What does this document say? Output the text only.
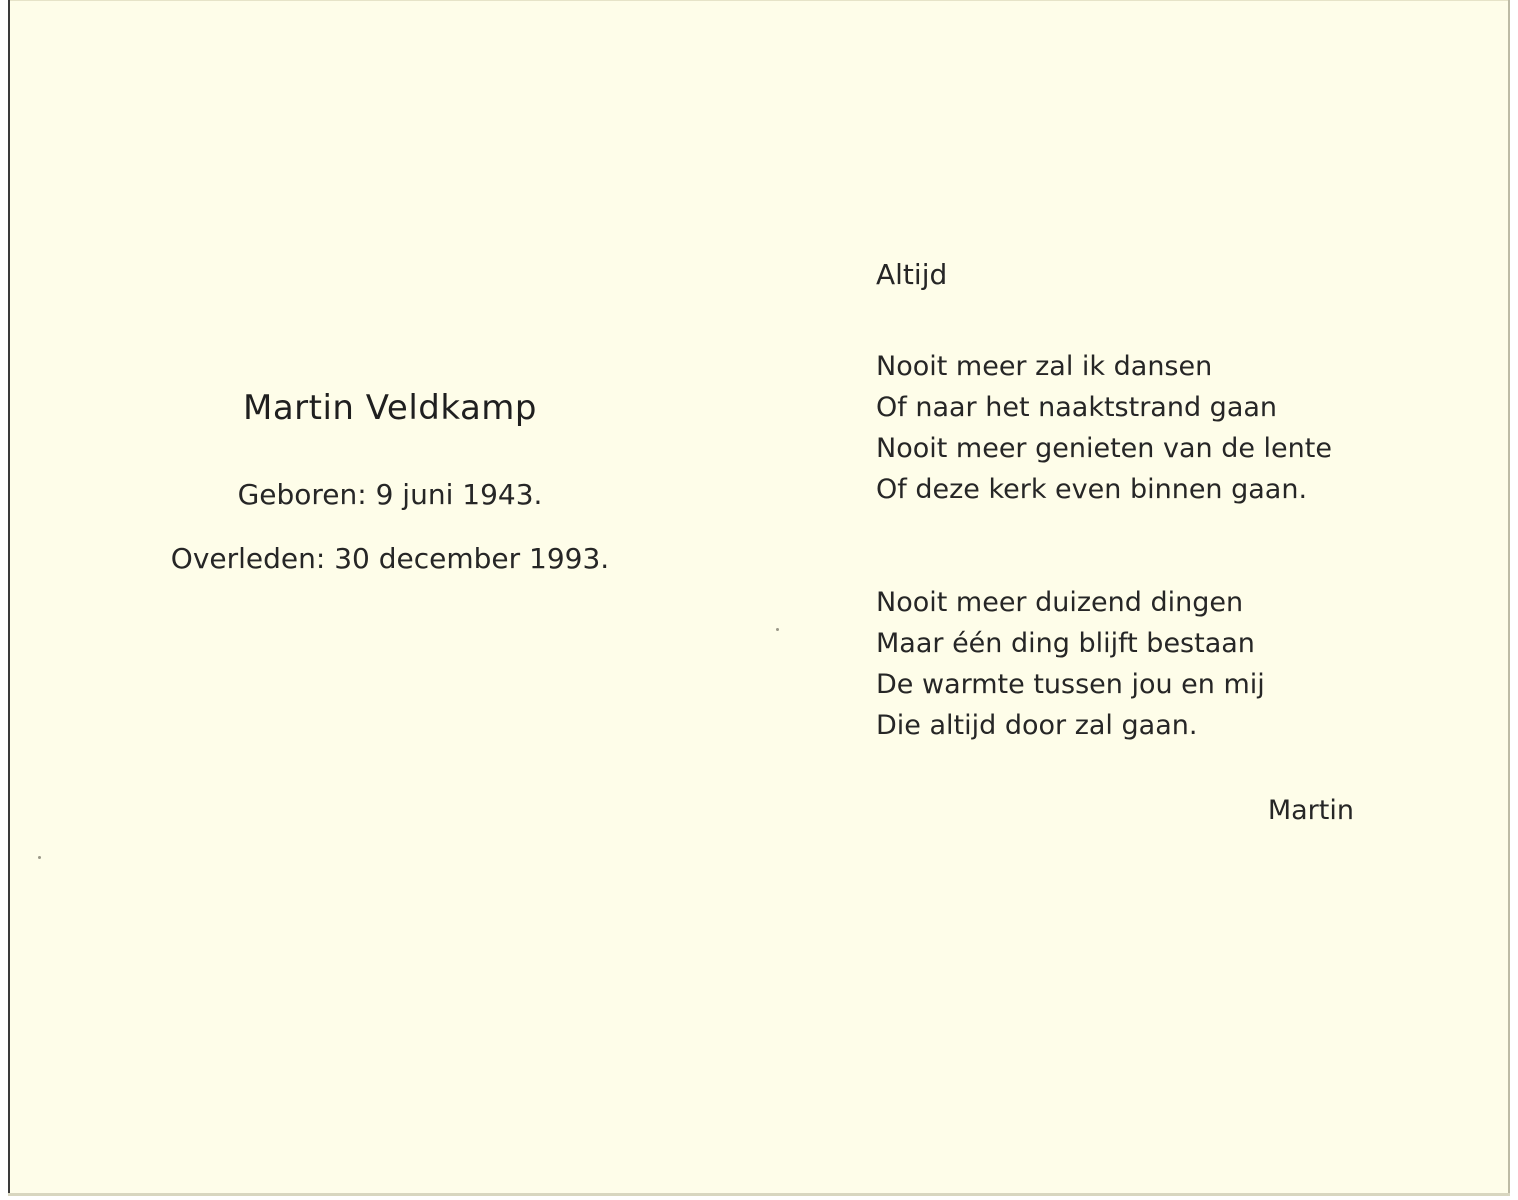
Martin Veldkamp
Geboren: 9 juni 1943.
Overleden: 30 december 1993.
Altijd
Nooit meer zal ik dansen
Of naar het naaktstrand gaan
Nooit meer genieten van de lente
Of deze kerk even binnen gaan.
Nooit meer duizend dingen
Maar één ding blijft bestaan
De warmte tussen jou en mij
Die altijd door zal gaan.
Martin
